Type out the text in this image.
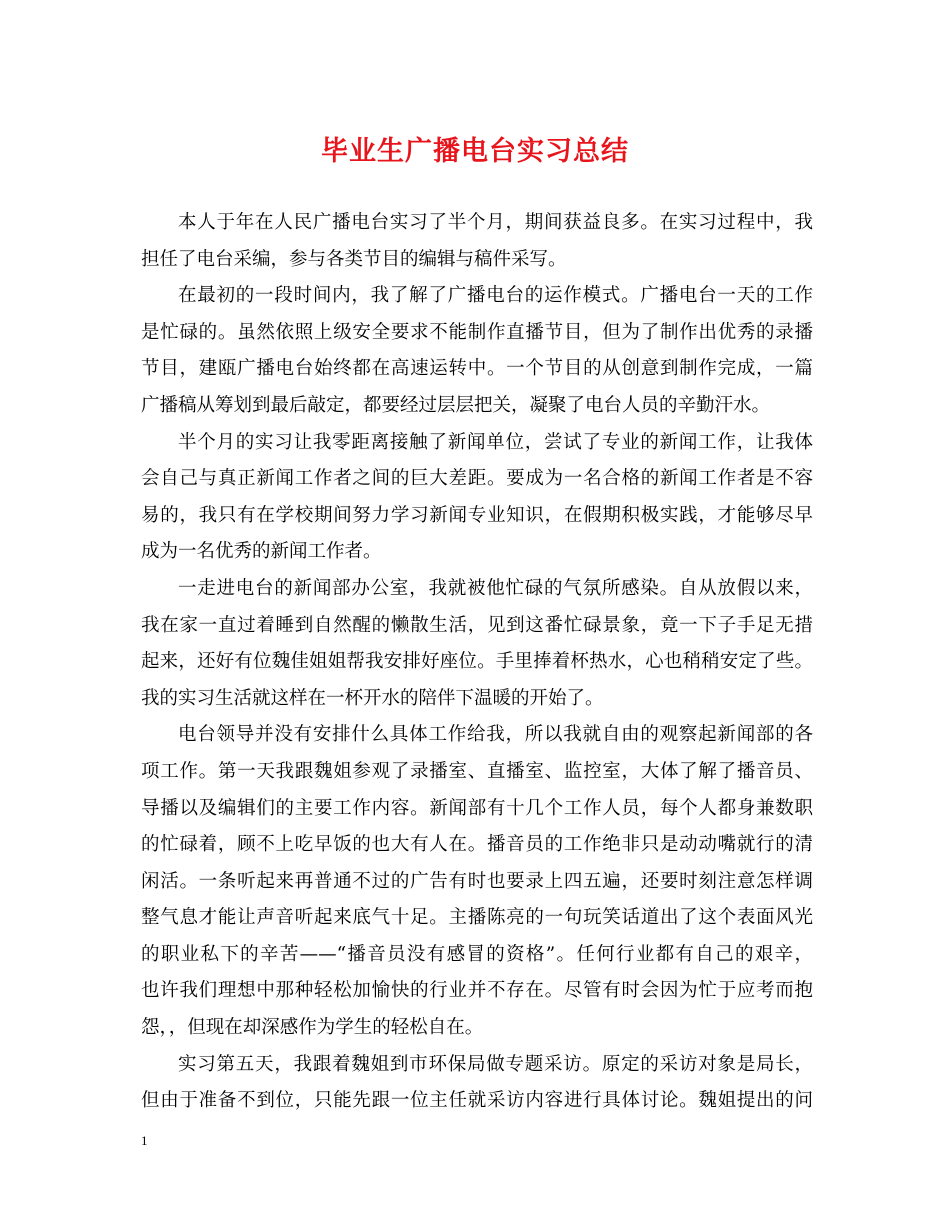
毕业生广播电台实习总结

本人于年在人民广播电台实习了半个月，期间获益良多。在实习过程中，我
担任了电台采编，参与各类节目的编辑与稿件采写。

在最初的一段时间内，我了解了广播电台的运作模式。广播电台一天的工作
是忙碌的。虽然依照上级安全要求不能制作直播节目，但为了制作出优秀的录播
节目，建瓯广播电台始终都在高速运转中。一个节目的从创意到制作完成，一篇
广播稿从筹划到最后敲定，都要经过层层把关，凝聚了电台人员的辛勤汗水。

半个月的实习让我零距离接触了新闻单位，尝试了专业的新闻工作，让我体
会自己与真正新闻工作者之间的巨大差距。要成为一名合格的新闻工作者是不容
易的，我只有在学校期间努力学习新闻专业知识，在假期积极实践，才能够尽早
成为一名优秀的新闻工作者。

一走进电台的新闻部办公室，我就被他忙碌的气氛所感染。自从放假以来，
我在家一直过着睡到自然醒的懒散生活，见到这番忙碌景象，竟一下子手足无措
起来，还好有位魏佳姐姐帮我安排好座位。手里捧着杯热水，心也稍稍安定了些。
我的实习生活就这样在一杯开水的陪伴下温暖的开始了。

电台领导并没有安排什么具体工作给我，所以我就自由的观察起新闻部的各
项工作。第一天我跟魏姐参观了录播室、直播室、监控室，大体了解了播音员、
导播以及编辑们的主要工作内容。新闻部有十几个工作人员，每个人都身兼数职
的忙碌着，顾不上吃早饭的也大有人在。播音员的工作绝非只是动动嘴就行的清
闲活。一条听起来再普通不过的广告有时也要录上四五遍，还要时刻注意怎样调
整气息才能让声音听起来底气十足。主播陈亮的一句玩笑话道出了这个表面风光
的职业私下的辛苦——“播音员没有感冒的资格”。任何行业都有自己的艰辛，
也许我们理想中那种轻松加愉快的行业并不存在。尽管有时会因为忙于应考而抱
怨，，但现在却深感作为学生的轻松自在。

实习第五天，我跟着魏姐到市环保局做专题采访。原定的采访对象是局长，
但由于准备不到位，只能先跟一位主任就采访内容进行具体讨论。魏姐提出的问

1
